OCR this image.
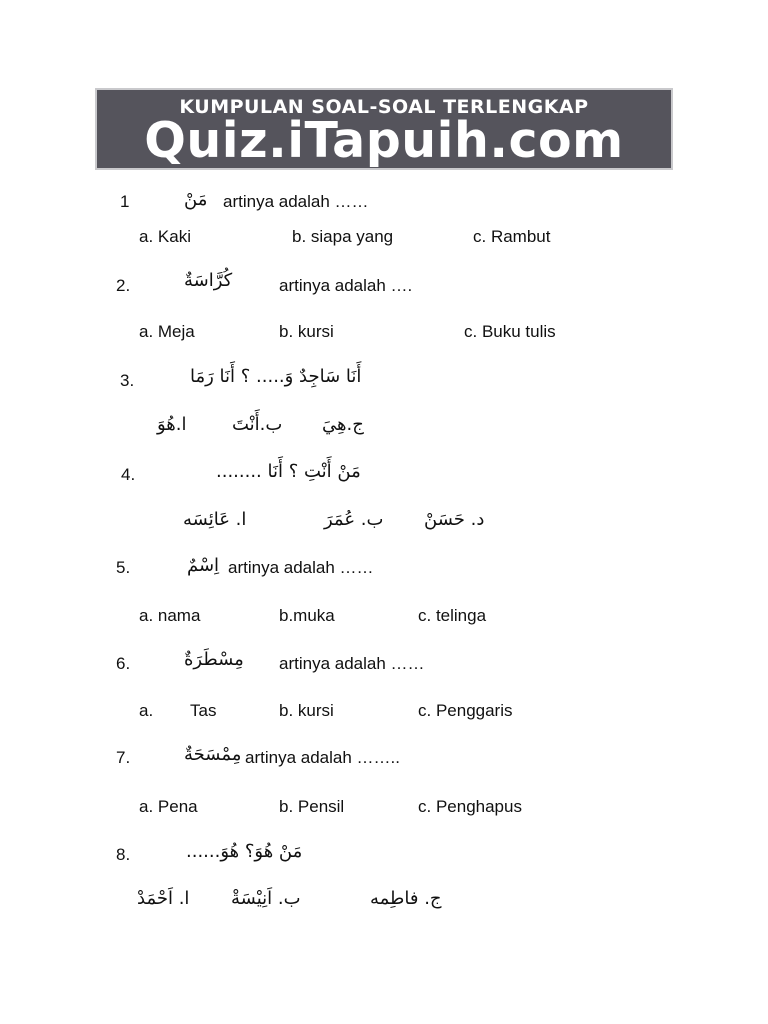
KUMPULAN SOAL-SOAL TERLENGKAP
Quiz.iTapuih.com
1	مَنْ artinya adalah ……
a. Kaki	b. siapa yang	c. Rambut
2.	كُرَّاسَةٌ	artinya adalah ….
a. Meja	b. kursi	c. Buku tulis
3.	أَنَا سَاجِدٌ وَ..... ؟ أَنَا رَمَا
ا.هُوَ	ب.أَنْتَ ج.هِيَ
4.	مَنْ أَنْتِ ؟ أَنَا ........
ا. عَائِسَه	ب. عُمَرَ د. حَسَنْ
5.	اِسْمٌ artinya adalah ……
a. nama	b.muka	c. telinga
6.	مِسْطَرَةٌ artinya adalah ……
a. Tas	b. kursi	c. Penggaris
7.	مِمْسَحَةٌ artinya adalah ……..
a. Pena	b. Pensil	c. Penghapus
8.	مَنْ هُوَ؟ هُوَ......
ا. اَحْمَدْ ب. اَنِيْسَةْ	ج. فاطِمه
